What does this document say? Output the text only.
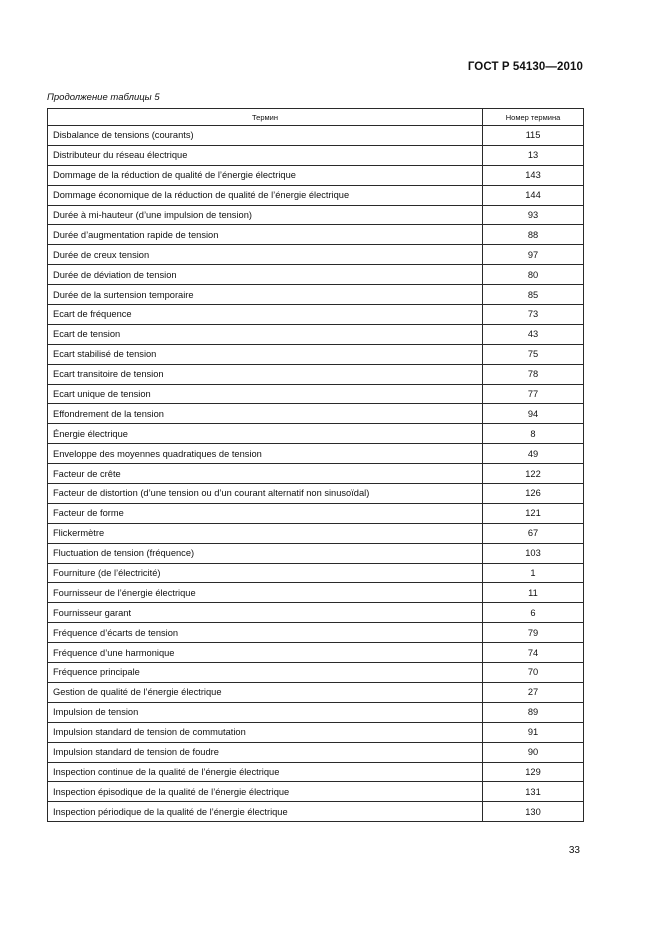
ГОСТ Р 54130—2010
Продолжение таблицы 5
Термин	Номер термина
Disbalance de tensions (courants)	115
Distributeur du réseau électrique	13
Dommage de la réduction de qualité de l’énergie électrique	143
Dommage économique de la réduction de qualité de l’énergie électrique	144
Durée à mi-hauteur (d’une impulsion de tension)	93
Durée d’augmentation rapide de tension	88
Durée de creux tension	97
Durée de déviation de tension	80
Durée de la surtension temporaire	85
Ecart de fréquence	73
Ecart de tension	43
Ecart stabilisé de tension	75
Ecart transitoire de tension	78
Ecart unique de tension	77
Effondrement de la tension	94
Énergie électrique	8
Enveloppe des moyennes quadratiques de tension	49
Facteur de crête	122
Facteur de distortion (d’une tension ou d’un courant alternatif non sinusoïdal)	126
Facteur de forme	121
Flickermètre	67
Fluctuation de tension (fréquence)	103
Fourniture (de l’électricité)	1
Fournisseur de l’énergie électrique	11
Fournisseur garant	6
Fréquence d’écarts de tension	79
Fréquence d’une harmonique	74
Fréquence principale	70
Gestion de qualité de l’énergie électrique	27
Impulsion de tension	89
Impulsion standard de tension de commutation	91
Impulsion standard de tension de foudre	90
Inspection continue de la qualité de l’énergie électrique	129
Inspection épisodique de la qualité de l’énergie électrique	131
Inspection périodique de la qualité de l’énergie électrique	130
33
